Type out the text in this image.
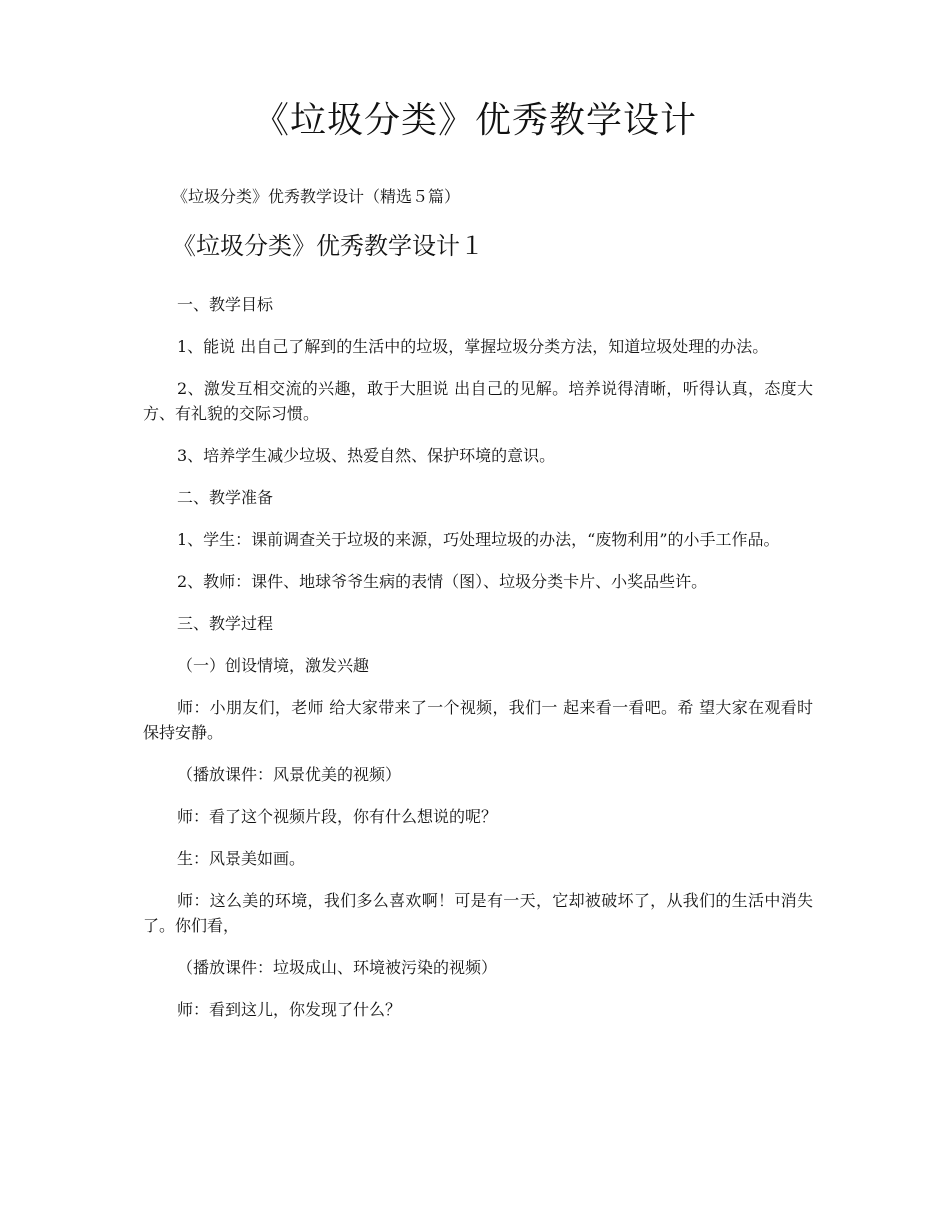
《垃圾分类》优秀教学设计

《垃圾分类》优秀教学设计（精选５篇）

《垃圾分类》优秀教学设计１

一、教学目标

1、能说 出自己了解到的生活中的垃圾，掌握垃圾分类方法，知道垃圾处理的办法。

2、激发互相交流的兴趣，敢于大胆说 出自己的见解。培养说得清晰，听得认真，态度大方、有礼貌的交际习惯。

3、培养学生减少垃圾、热爱自然、保护环境的意识。

二、教学准备

1、学生：课前调查关于垃圾的来源，巧处理垃圾的办法，“废物利用”的小手工作品。

2、教师：课件、地球爷爷生病的表情（图）、垃圾分类卡片、小奖品些许。

三、教学过程

（一）创设情境，激发兴趣

师：小朋友们，老师 给大家带来了一个视频，我们一 起来看一看吧。希 望大家在观看时保持安静。

（播放课件：风景优美的视频）

师：看了这个视频片段，你有什么想说的呢？

生：风景美如画。

师：这么美的环境，我们多么喜欢啊！可是有一天，它却被破坏了，从我们的生活中消失了。你们看，

（播放课件：垃圾成山、环境被污染的视频）

师：看到这儿，你发现了什么？
